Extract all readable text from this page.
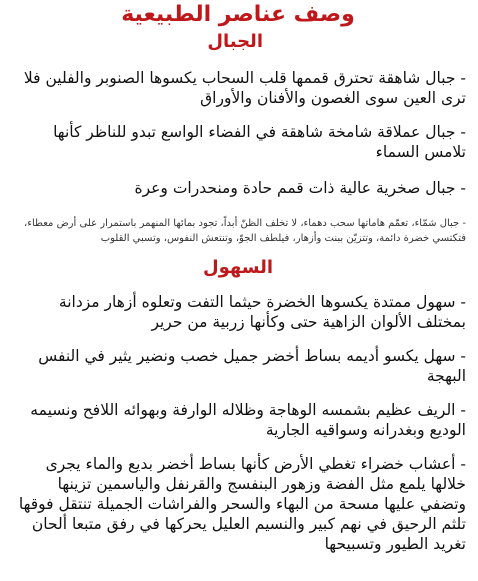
وصف عناصر الطبيعية
الجبال

- جبال شاهقة تحترق قممها قلب السحاب يكسوها الصنوبر والفلين فلا ترى العين سوى الغصون والأفنان والأوراق

- جبال عملاقة شامخة شاهقة في الفضاء الواسع تبدو للناظر كأنها تلامس السماء

- جبال صخرية عالية ذات قمم حادة ومنحدرات وعرة

- جبال شمّاء، تعمّم هاماتها سحب دهماء، لا تخلف الظنّ أبداً، تجود بمائها المنهمر باستمرار على أرض معطاء، فتكتسي خضرة دائمة، وتتزيّن ببنت وأزهار، فيلطف الجوّ، وتنتعش النفوس، وتسبي القلوب

السهول

- سهول ممتدة يكسوها الخضرة حيثما التفت وتعلوه أزهار مزدانة بمختلف الألوان الزاهية حتى وكأنها زربية من حرير

- سهل يكسو أديمه بساط أخضر جميل خصب ونضير يثير في النفس البهجة

- الريف عظيم بشمسه الوهاجة وظلاله الوارفة وبهوائه اللافح ونسيمه الوديع وبغدرانه وسواقيه الجارية

- أعشاب خضراء تغطي الأرض كأنها بساط أخضر بديع والماء يجرى خلالها يلمع مثل الفضة وزهور البنفسج والقرنفل والياسمين تزينها وتضفي عليها مسحة من البهاء والسحر والفراشات الجميلة تنتقل فوقها تلثم الرحيق في نهم كبير والنسيم العليل يحركها في رفق متبعا ألحان تغريد الطيور وتسبيحها
